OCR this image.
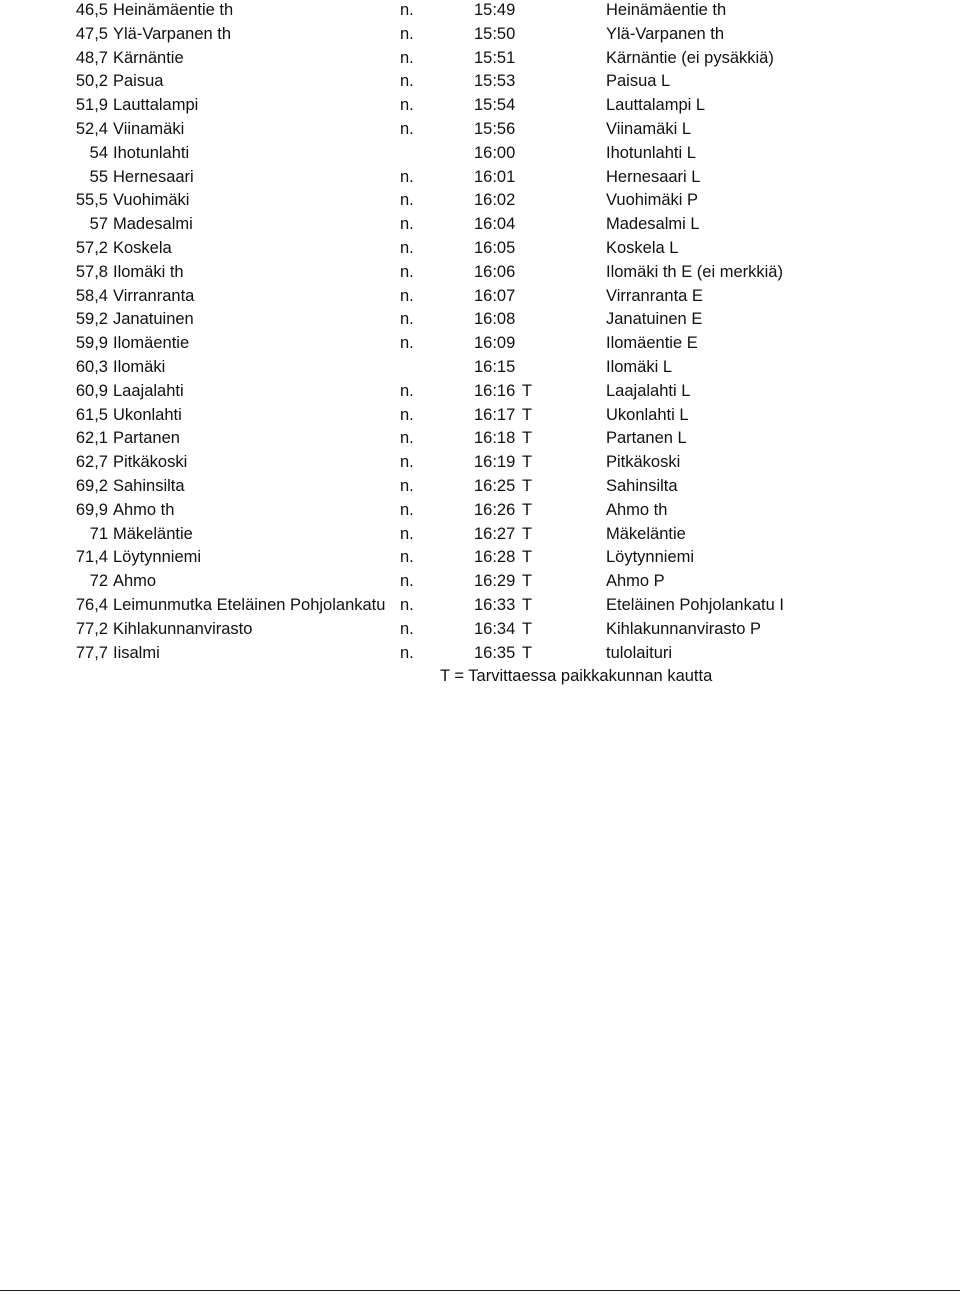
46,5 Heinämäentie th	n.	15:49	Heinämäentie th
47,5 Ylä-Varpanen th	n.	15:50	Ylä-Varpanen th
48,7 Kärnäntie	n.	15:51	Kärnäntie (ei pysäkkiä)
50,2 Paisua	n.	15:53	Paisua L
51,9 Lauttalampi	n.	15:54	Lauttalampi L
52,4 Viinamäki	n.	15:56	Viinamäki L
54 Ihotunlahti	16:00	Ihotunlahti L
55 Hernesaari	n.	16:01	Hernesaari L
55,5 Vuohimäki	n.	16:02	Vuohimäki P
57 Madesalmi	n.	16:04	Madesalmi L
57,2 Koskela	n.	16:05	Koskela L
57,8 Ilomäki th	n.	16:06	Ilomäki th E (ei merkkiä)
58,4 Virranranta	n.	16:07	Virranranta E
59,2 Janatuinen	n.	16:08	Janatuinen E
59,9 Ilomäentie	n.	16:09	Ilomäentie E
60,3 Ilomäki	16:15	Ilomäki L
60,9 Laajalahti	n.	16:16 T	Laajalahti L
61,5 Ukonlahti	n.	16:17 T	Ukonlahti L
62,1 Partanen	n.	16:18 T	Partanen L
62,7 Pitkäkoski	n.	16:19 T	Pitkäkoski
69,2 Sahinsilta	n.	16:25 T	Sahinsilta
69,9 Ahmo th	n.	16:26 T	Ahmo th
71 Mäkeläntie	n.	16:27 T	Mäkeläntie
71,4 Löytynniemi	n.	16:28 T	Löytynniemi
72 Ahmo	n.	16:29 T	Ahmo P
76,4 Leimunmutka Eteläinen Pohjolankatu n.	16:33 T	Eteläinen Pohjolankatu I
77,2 Kihlakunnanvirasto	n.	16:34 T	Kihlakunnanvirasto P
77,7 Iisalmi	n.	16:35 T	tulolaituri
T = Tarvittaessa paikkakunnan kautta
